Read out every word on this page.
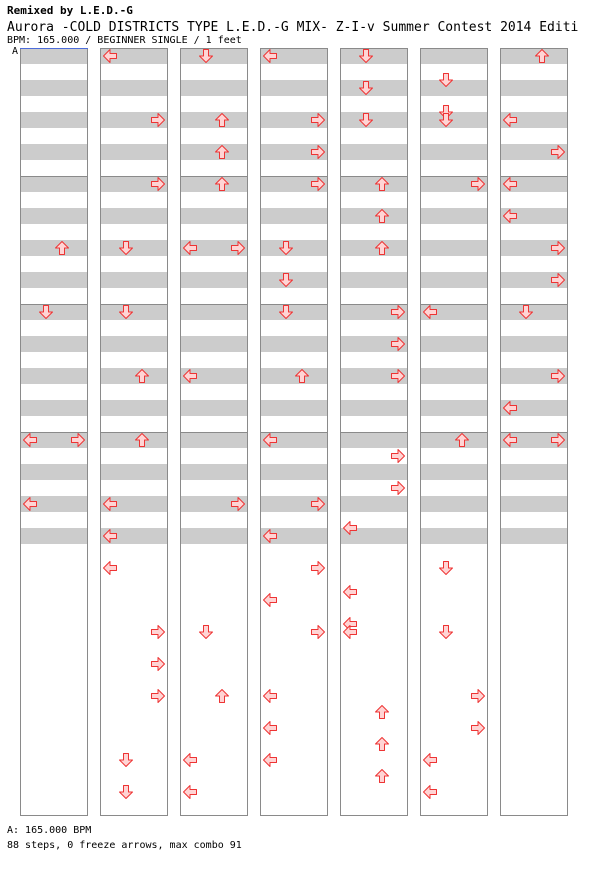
Remixed by L.E.D.-G
Aurora -COLD DISTRICTS TYPE L.E.D.-G MIX- Z-I-v Summer Contest 2014 Editi
BPM: 165.000 / BEGINNER SINGLE / 1 feet
A
A: 165.000 BPM
88 steps, 0 freeze arrows, max combo 91
